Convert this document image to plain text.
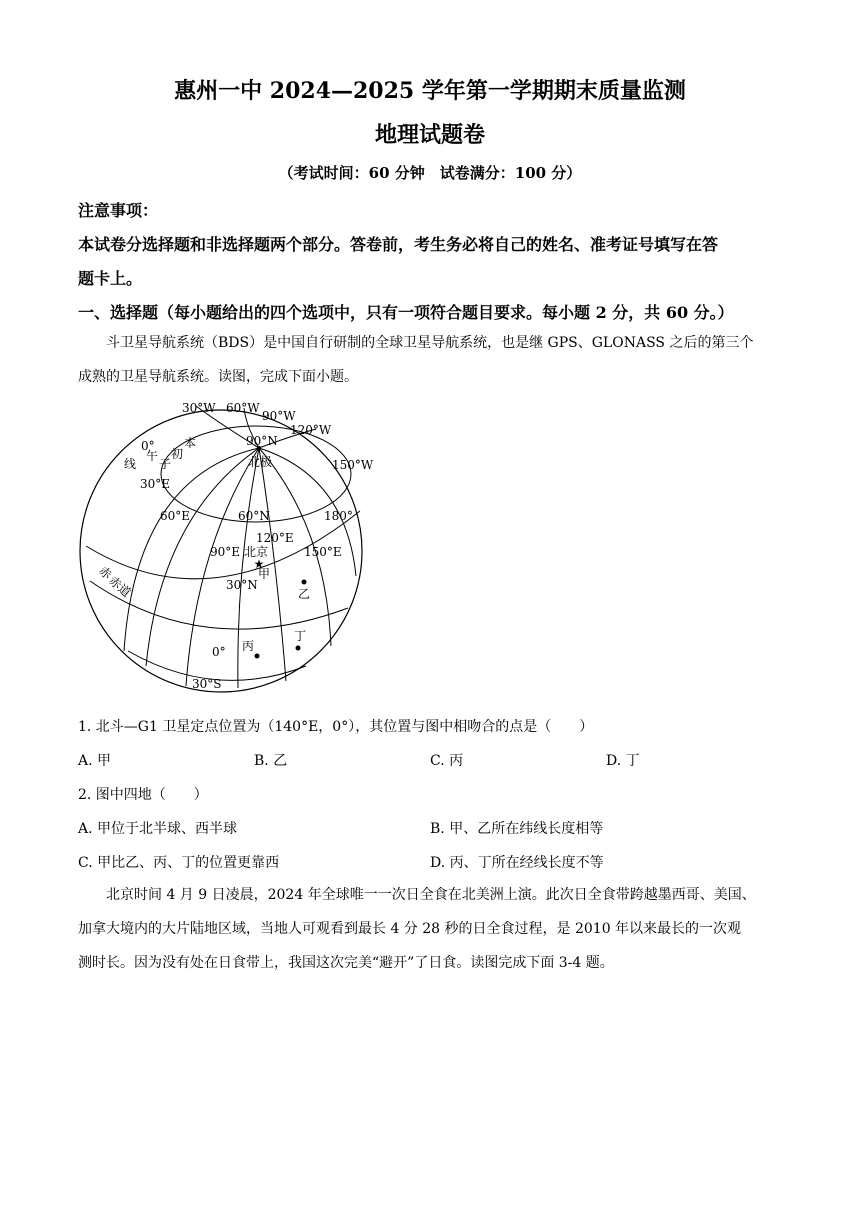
惠州一中 2024—2025 学年第一学期期末质量监测
地理试题卷
（考试时间：60 分钟　试卷满分：100 分）
注意事项：
本试卷分选择题和非选择题两个部分。答卷前，考生务必将自己的姓名、准考证号填写在答
题卡上。
一、选择题（每小题给出的四个选项中，只有一项符合题目要求。每小题 2 分，共 60 分。）
斗卫星导航系统（BDS）是中国自行研制的全球卫星导航系统，也是继 GPS、GLONASS 之后的第三个
成熟的卫星导航系统。读图，完成下面小题。
★
30°W 60°W
90°W
120°W
150°W
90°N
北极
0° 本
初
子
午
线
30°E
60°E	60°N	180°
120°E
90°E 北京	150°E
甲
乙
30°N
赤
赤道
丙
丁
0°
30°S
1. 北斗—G1 卫星定点位置为（140°E，0°），其位置与图中相吻合的点是（　　）
A. 甲	B. 乙	C. 丙	D. 丁
2. 图中四地（　　）
A. 甲位于北半球、西半球	B. 甲、乙所在纬线长度相等
C. 甲比乙、丙、丁的位置更靠西	D. 丙、丁所在经线长度不等
北京时间 4 月 9 日凌晨，2024 年全球唯一一次日全食在北美洲上演。此次日全食带跨越墨西哥、美国、
加拿大境内的大片陆地区域，当地人可观看到最长 4 分 28 秒的日全食过程，是 2010 年以来最长的一次观
测时长。因为没有处在日食带上，我国这次完美“避开”了日食。读图完成下面 3-4 题。
